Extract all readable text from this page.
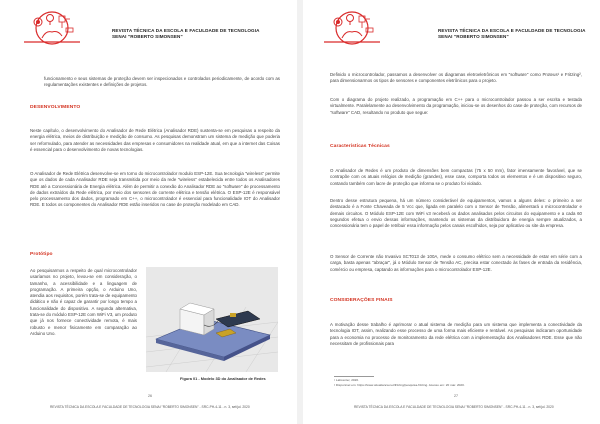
REVISTA TÉCNICA DA ESCOLA E FACULDADE DE TECNOLOGIA
SENAI "ROBERTO SIMONSEN"

funcionamento e seus sistemas de proteção devem ser inspecionados e controlados periodicamente, de acordo com as regulamentações existentes e definições de projetos.

DESENVOLVIMENTO

Neste capítulo, o desenvolvimento do Analisador de Rede Elétrica (Analisador RDE) sustenta-se em pesquisas a respeito da energia elétrica, meios de distribuição e medição de consumo. As pesquisas demonstram um sistema de medição que poderia ser reformulado, para atender as necessidades das empresas e consumidores na realidade atual, em que a internet das Coisas é essencial para o desenvolvimento de novas tecnologias.

O Analisador de Rede Elétrica desenvolve-se em torno do microcontrolador modulo ESP-12E. Sua tecnologia "wireless" permite que os dados de cada Analisador RDE seja transmitida por meio da rede "wireless" estabelecida entre todos os Analisadores RDE até a Concessionária de Energia elétrica. Além de permitir a conexão do Analisador RDE ao "software" de processamento de dados extraídos da Rede elétrica, por meio dos sensores de corrente elétrica e tensão elétrica. O ESP-12E é responsável pelo processamento dos dados, programado em C++, o microcontrolador é essencial para funcionalidade IOT do Analisador RDE. E todos os componentes do Analisador RDE estão inseridos no case de proteção modelado em CAD.

Protótipo

Ao pesquisarmos a respeito de qual microcontrolador usaríamos no projeto, levou-se em consideração, o tamanho, a acessibilidade e a linguagem de programação. A primeira opção, o Arduino Uno, atendia aos requisitos, porém trata-se de equipamento didático e não é capaz de garantir por longo tempo a funcionalidade do dispositivo. A segunda alternativa, trata-se do módulo ESP-12E com WiFi V3, um produto que já nos fornece conectividade remota, é mais robusto e menor fisicamente em comparação ao Arduino Uno.

Figura 01 - Modelo 3D do Analisador de Redes
26
REVISTA TÉCNICA DA ESCOLA E FACULDADE DE TECNOLOGIA SENAI "ROBERTO SIMONSEN" - SRC-PH-4-11 - n. 3, set/jul. 2020
REVISTA TÉCNICA DA ESCOLA E FACULDADE DE TECNOLOGIA
SENAI "ROBERTO SIMONSEN"

Definido o microcontrolador, passamos a desenvolver os diagramas eletroeletrônicos em "software" como Proteus¹ e Fritzing², para dimensionarmos os tipos de sensores e componentes eletrônicos para o projeto.

Com o diagrama do projeto realizado, a programação em C++ para o microcontrolador passou a ser escrita e testada virtualmente. Paralelamente ao desenvolvimento da programação, iniciou-se os desenhos do case de proteção, com recursos de "software" CAD, resultando no produto que segue:

Características Técnicas

O Analisador de Redes é um produto de dimensões bem compactas (75 x 50 mm), fator imensamente favorável, que se contrapõe com os atuais relógios de medição (grandes), esse case, comporta todos os elementos e é um dispositivo seguro, contando também com lacre de proteção que informa se o produto foi violado.

Dentro desse estrutura pequena, há um número considerável de equipamentos, vamos a alguns deles: o primeiro a ser destacado é a Fonte Chaveada de 5 Vcc que, ligada em paralelo com o Sensor de Tensão, alimentará o microcontrolador e demais circuitos. O Módulo ESP-12E com WiFi v3 receberá os dados analisados pelos circuitos do equipamento e a cada 60 segundos efetua o envio dessas informações, mantendo os sistemas da distribuidora de energia sempre atualizados, a concessionária tem o papel de retribuir essa informação pelos canais escolhidos, seja por aplicativo ou site da empresa.

O Sensor de Corrente não Invasivo SCT013 de 100A, mede o consumo elétrico sem a necessidade de estar em série com a carga, basta apenas "abraçar", já o Módulo Sensor de Tensão AC, precisa estar conectado às fases de entrada da residência, comércio ou empresa, captando as informações para o microcontrolador ESP-12E.

CONSIDERAÇÕES FINAIS

A motivação desse trabalho é aprimorar o atual sistema de medição para um sistema que implementa a conectividade da tecnologia IOT, assim, realizando esse processo de uma forma mais eficiente e rentável. As pesquisas indicaram oportunidade para a economia no processo de monitoramento da rede elétrica com a implementação dos Analisadores RDE. Esse que não necessitam de profissionais para

¹ Labcenter, 2020.
² Disponível em: https://www.oitoalianca.net/fritzing/pesquisa-fritzing. Acesso em: 20 mar. 2020.
27
REVISTA TÉCNICA DA ESCOLA E FACULDADE DE TECNOLOGIA SENAI "ROBERTO SIMONSEN" - SRC-PH-4-11 - n. 3, set/jul. 2020
